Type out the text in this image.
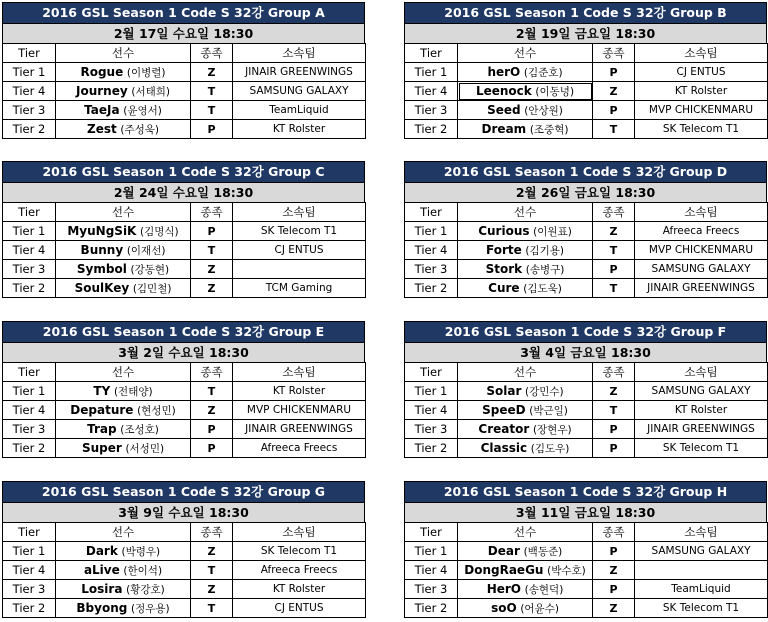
2016 GSL Season 1 Code S 32강 Group A
2월 17일 수요일 18:30
Tier	선수	종족	소속팀
Tier 1	Rogue (이병렬)	Z	JINAIR GREENWINGS
Tier 4	Journey (서태희)	T	SAMSUNG GALAXY
Tier 3	TaeJa (윤영서)	T	TeamLiquid
Tier 2	Zest (주성욱)	P	KT Rolster
2016 GSL Season 1 Code S 32강 Group B
2월 19일 금요일 18:30
Tier	선수	종족	소속팀
Tier 1	herO (김준호)	P	CJ ENTUS
Tier 4	Leenock (이동녕)	Z	KT Rolster
Tier 3	Seed (안상원)	P	MVP CHICKENMARU
Tier 2	Dream (조중혁)	T	SK Telecom T1
2016 GSL Season 1 Code S 32강 Group C
2월 24일 수요일 18:30
Tier	선수	종족	소속팀
Tier 1	MyuNgSiK (김명식)	P	SK Telecom T1
Tier 4	Bunny (이재선)	T	CJ ENTUS
Tier 3	Symbol (강동현)	Z	
Tier 2	SoulKey (김민철)	Z	TCM Gaming
2016 GSL Season 1 Code S 32강 Group D
2월 26일 금요일 18:30
Tier	선수	종족	소속팀
Tier 1	Curious (이원표)	Z	Afreeca Freecs
Tier 4	Forte (김기용)	T	MVP CHICKENMARU
Tier 3	Stork (송병구)	P	SAMSUNG GALAXY
Tier 2	Cure (김도욱)	T	JINAIR GREENWINGS
2016 GSL Season 1 Code S 32강 Group E
3월 2일 수요일 18:30
Tier	선수	종족	소속팀
Tier 1	TY (전태양)	T	KT Rolster
Tier 4	Depature (현성민)	Z	MVP CHICKENMARU
Tier 3	Trap (조성호)	P	JINAIR GREENWINGS
Tier 2	Super (서성민)	P	Afreeca Freecs
2016 GSL Season 1 Code S 32강 Group F
3월 4일 금요일 18:30
Tier	선수	종족	소속팀
Tier 1	Solar (강민수)	Z	SAMSUNG GALAXY
Tier 4	SpeeD (박근일)	T	KT Rolster
Tier 3	Creator (장현우)	P	JINAIR GREENWINGS
Tier 2	Classic (김도우)	P	SK Telecom T1
2016 GSL Season 1 Code S 32강 Group G
3월 9일 수요일 18:30
Tier	선수	종족	소속팀
Tier 1	Dark (박령우)	Z	SK Telecom T1
Tier 4	aLive (한이석)	T	Afreeca Freecs
Tier 3	Losira (황강호)	Z	KT Rolster
Tier 2	Bbyong (정우용)	T	CJ ENTUS
2016 GSL Season 1 Code S 32강 Group H
3월 11일 금요일 18:30
Tier	선수	종족	소속팀
Tier 1	Dear (백동준)	P	SAMSUNG GALAXY
Tier 4	DongRaeGu (박수호)	Z	
Tier 3	HerO (송현덕)	P	TeamLiquid
Tier 2	soO (어윤수)	Z	SK Telecom T1
